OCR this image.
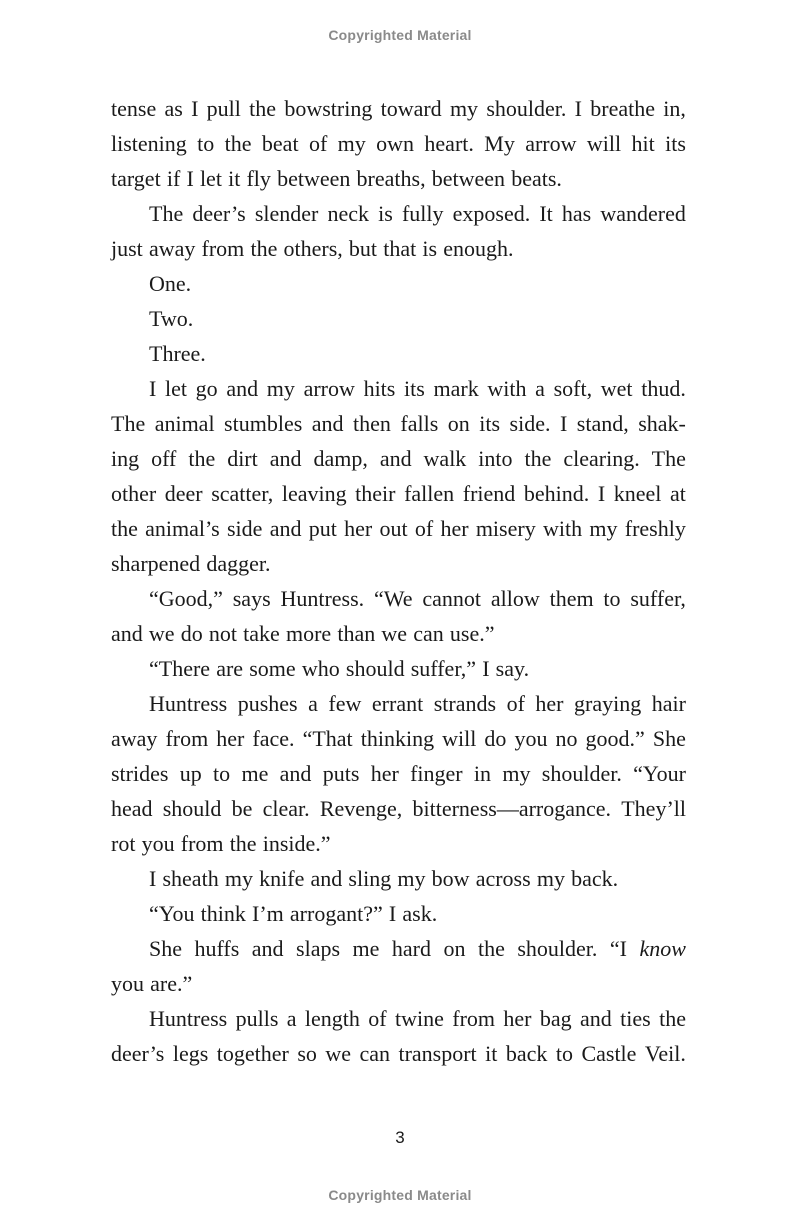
Copyrighted Material
tense as I pull the bowstring toward my shoulder. I breathe in,
listening to the beat of my own heart. My arrow will hit its
target if I let it fly between breaths, between beats.
The deer’s slender neck is fully exposed. It has wandered
just away from the others, but that is enough.
One.
Two.
Three.
I let go and my arrow hits its mark with a soft, wet thud.
The animal stumbles and then falls on its side. I stand, shak-
ing off the dirt and damp, and walk into the clearing. The
other deer scatter, leaving their fallen friend behind. I kneel at
the animal’s side and put her out of her misery with my freshly
sharpened dagger.
“Good,” says Huntress. “We cannot allow them to suffer,
and we do not take more than we can use.”
“There are some who should suffer,” I say.
Huntress pushes a few errant strands of her graying hair
away from her face. “That thinking will do you no good.” She
strides up to me and puts her finger in my shoulder. “Your
head should be clear. Revenge, bitterness—arrogance. They’ll
rot you from the inside.”
I sheath my knife and sling my bow across my back.
“You think I’m arrogant?” I ask.
She huffs and slaps me hard on the shoulder. “I know
you are.”
Huntress pulls a length of twine from her bag and ties the
deer’s legs together so we can transport it back to Castle Veil.
3
Copyrighted Material
